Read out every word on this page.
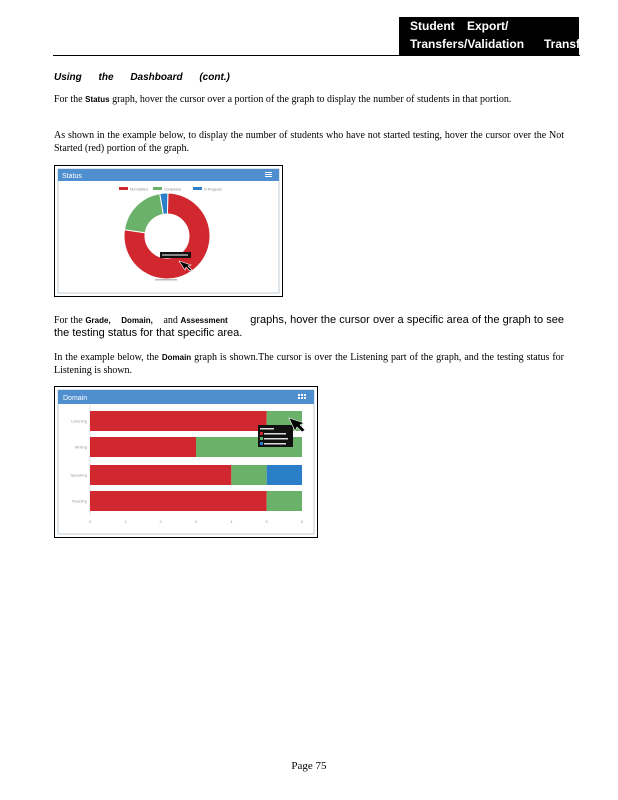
Student Export/
Transfers/Validation Transfe
Using the Dashboard (cont.)
For the Status graph, hover the cursor over a portion of the graph to display the number of students in that portion.
As shown in the example below, to display the number of students who have not started testing, hover the cursor over the Not Started (red) portion of the graph.
Status
Not Started	Completed	In Progress
For the Grade, Domain, and Assessment graphs, hover the cursor over a specific area of the graph to see the testing status for that specific area.
In the example below, the Domain graph is shown.The cursor is over the Listening part of the graph, and the testing status for Listening is shown.
Domain
0	1	2	3	4	5	6
Listening
Writing
Speaking
Reading
Page 75
